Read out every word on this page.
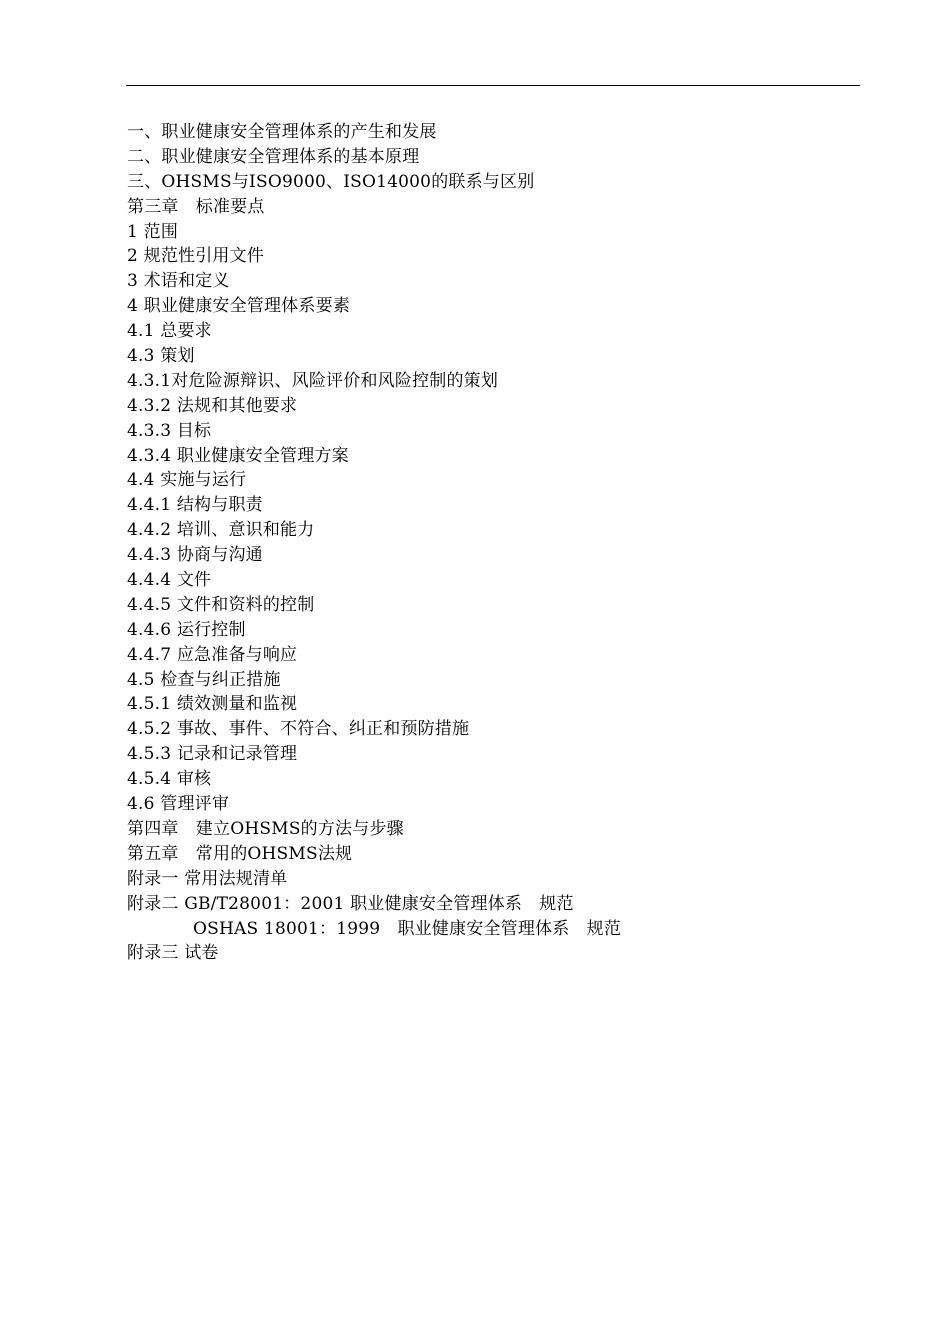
一、职业健康安全管理体系的产生和发展
二、职业健康安全管理体系的基本原理
三、OHSMS与ISO9000、ISO14000的联系与区别
第三章　标准要点
1 范围
2 规范性引用文件
3 术语和定义
4 职业健康安全管理体系要素
4.1 总要求
4.3 策划
4.3.1对危险源辩识、风险评价和风险控制的策划
4.3.2 法规和其他要求
4.3.3 目标
4.3.4 职业健康安全管理方案
4.4 实施与运行
4.4.1 结构与职责
4.4.2 培训、意识和能力
4.4.3 协商与沟通
4.4.4 文件
4.4.5 文件和资料的控制
4.4.6 运行控制
4.4.7 应急准备与响应
4.5 检查与纠正措施
4.5.1 绩效测量和监视
4.5.2 事故、事件、不符合、纠正和预防措施
4.5.3 记录和记录管理
4.5.4 审核
4.6 管理评审
第四章　建立OHSMS的方法与步骤
第五章　常用的OHSMS法规
附录一 常用法规清单
附录二 GB/T28001：2001 职业健康安全管理体系　规范
OSHAS 18001：1999　职业健康安全管理体系　规范
附录三 试卷
